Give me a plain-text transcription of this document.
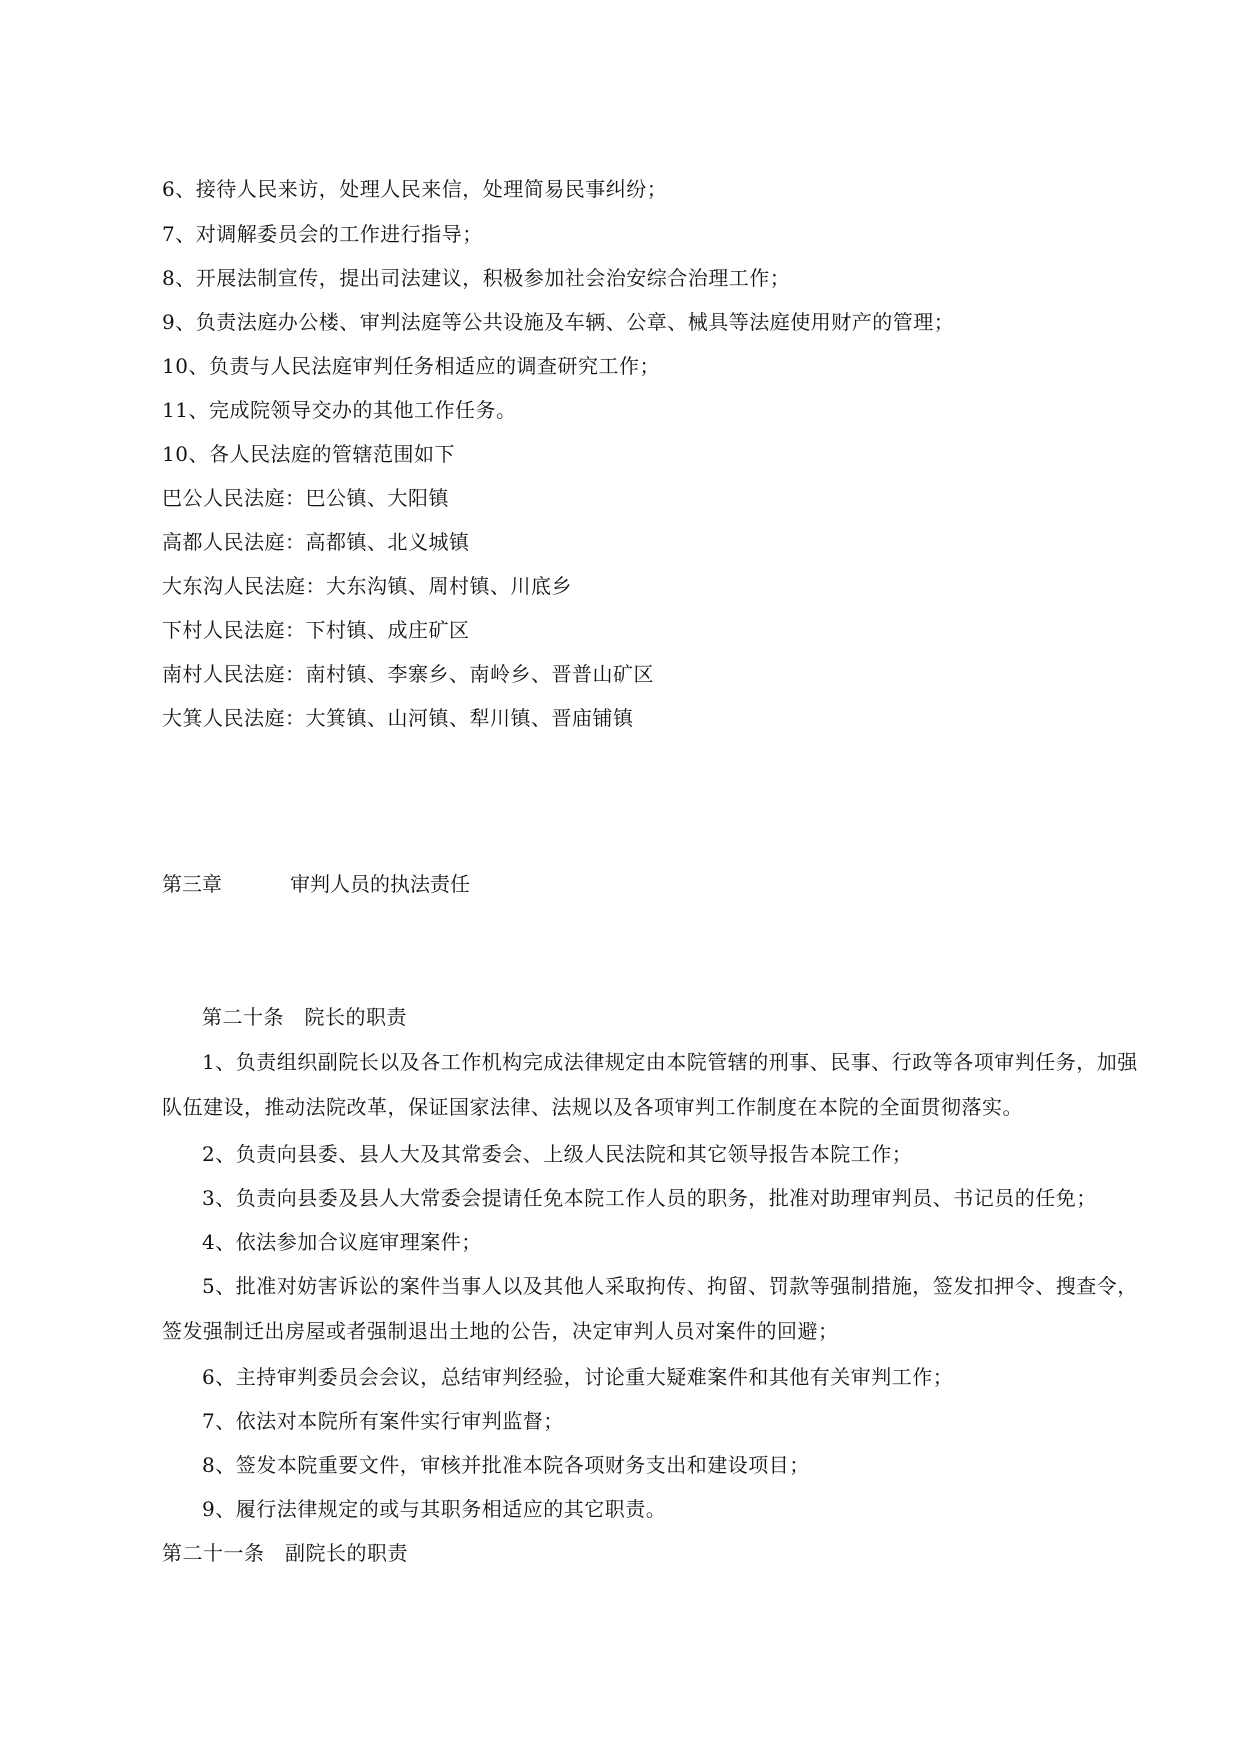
6、接待人民来访，处理人民来信，处理简易民事纠纷；
7、对调解委员会的工作进行指导；
8、开展法制宣传，提出司法建议，积极参加社会治安综合治理工作；
9、负责法庭办公楼、审判法庭等公共设施及车辆、公章、械具等法庭使用财产的管理；
10、负责与人民法庭审判任务相适应的调查研究工作；
11、完成院领导交办的其他工作任务。
10、各人民法庭的管辖范围如下
巴公人民法庭：巴公镇、大阳镇
高都人民法庭：高都镇、北义城镇
大东沟人民法庭：大东沟镇、周村镇、川底乡
下村人民法庭：下村镇、成庄矿区
南村人民法庭：南村镇、李寨乡、南岭乡、晋普山矿区
大箕人民法庭：大箕镇、山河镇、犁川镇、晋庙铺镇
第三章	审判人员的执法责任
第二十条　院长的职责
1、负责组织副院长以及各工作机构完成法律规定由本院管辖的刑事、民事、行政等各项审判任务，加强队伍建设，推动法院改革，保证国家法律、法规以及各项审判工作制度在本院的全面贯彻落实。
2、负责向县委、县人大及其常委会、上级人民法院和其它领导报告本院工作；
3、负责向县委及县人大常委会提请任免本院工作人员的职务，批准对助理审判员、书记员的任免；
4、依法参加合议庭审理案件；
5、批准对妨害诉讼的案件当事人以及其他人采取拘传、拘留、罚款等强制措施，签发扣押令、搜查令，签发强制迁出房屋或者强制退出土地的公告，决定审判人员对案件的回避；
6、主持审判委员会会议，总结审判经验，讨论重大疑难案件和其他有关审判工作；
7、依法对本院所有案件实行审判监督；
8、签发本院重要文件，审核并批准本院各项财务支出和建设项目；
9、履行法律规定的或与其职务相适应的其它职责。
第二十一条　副院长的职责
